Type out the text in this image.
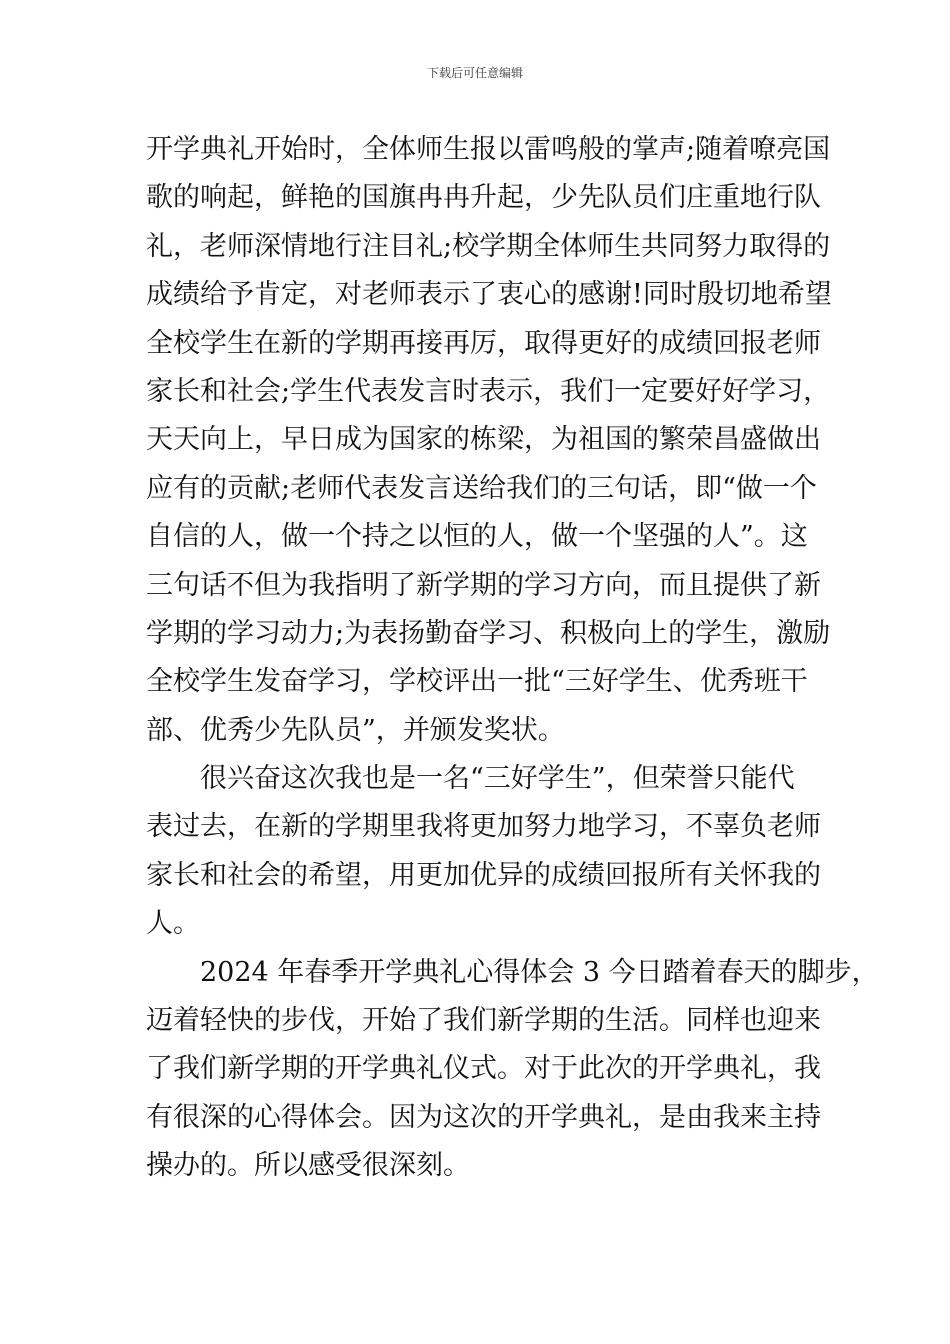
下载后可任意编辑
开学典礼开始时，全体师生报以雷鸣般的掌声;随着嘹亮国
歌的响起，鲜艳的国旗冉冉升起，少先队员们庄重地行队
礼，老师深情地行注目礼;校学期全体师生共同努力取得的
成绩给予肯定，对老师表示了衷心的感谢!同时殷切地希望
全校学生在新的学期再接再厉，取得更好的成绩回报老师
家长和社会;学生代表发言时表示，我们一定要好好学习，
天天向上，早日成为国家的栋梁，为祖国的繁荣昌盛做出
应有的贡献;老师代表发言送给我们的三句话，即“做一个
自信的人，做一个持之以恒的人，做一个坚强的人”。这
三句话不但为我指明了新学期的学习方向，而且提供了新
学期的学习动力;为表扬勤奋学习、积极向上的学生，激励
全校学生发奋学习，学校评出一批“三好学生、优秀班干
部、优秀少先队员”，并颁发奖状。
很兴奋这次我也是一名“三好学生”，但荣誉只能代
表过去，在新的学期里我将更加努力地学习，不辜负老师
家长和社会的希望，用更加优异的成绩回报所有关怀我的
人。
2024 年春季开学典礼心得体会 3 今日踏着春天的脚步，
迈着轻快的步伐，开始了我们新学期的生活。同样也迎来
了我们新学期的开学典礼仪式。对于此次的开学典礼，我
有很深的心得体会。因为这次的开学典礼，是由我来主持
操办的。所以感受很深刻。
